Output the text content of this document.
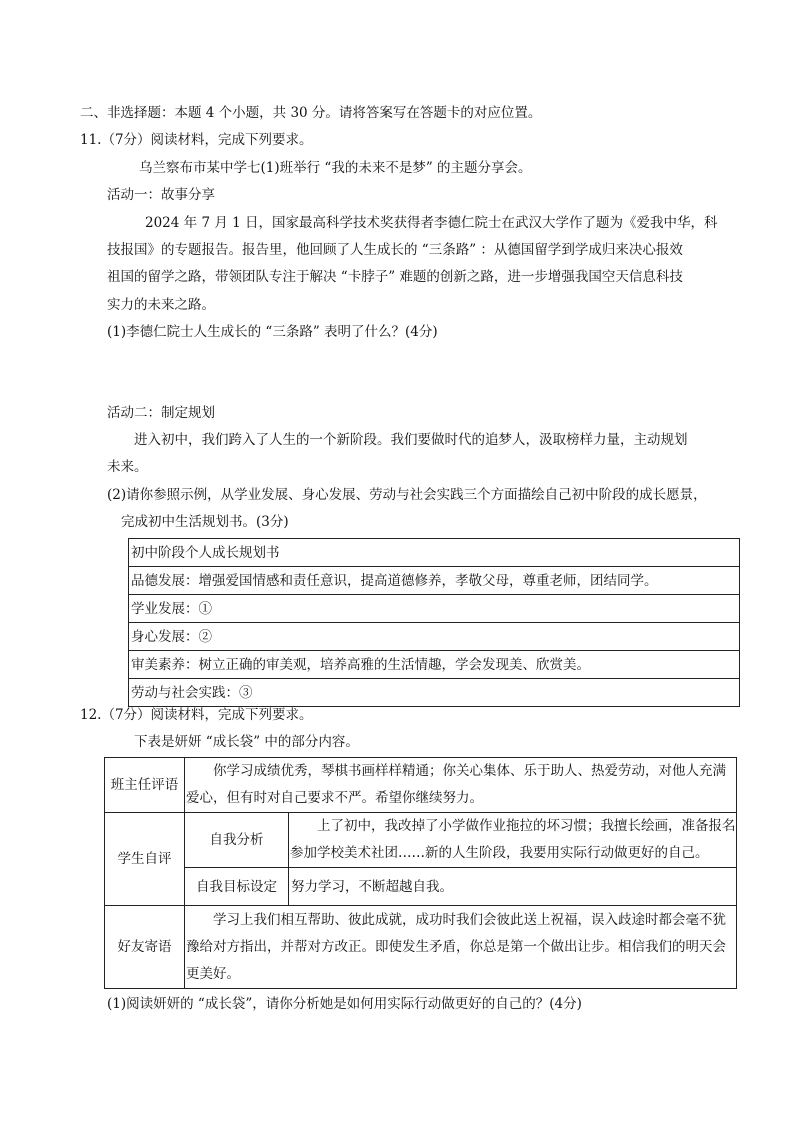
二、非选择题：本题 4 个小题，共 30 分。请将答案写在答题卡的对应位置。
11.（7分）阅读材料，完成下列要求。
乌兰察布市某中学七(1)班举行 “我的未来不是梦” 的主题分享会。
活动一：故事分享
2024 年 7 月 1 日，国家最高科学技术奖获得者李德仁院士在武汉大学作了题为《爱我中华，科
技报国》的专题报告。报告里，他回顾了人生成长的 “三条路” ：从德国留学到学成归来决心报效
祖国的留学之路，带领团队专注于解决 “卡脖子” 难题的创新之路，进一步增强我国空天信息科技
实力的未来之路。
(1)李德仁院士人生成长的 “三条路” 表明了什么？(4分)
活动二：制定规划
进入初中，我们跨入了人生的一个新阶段。我们要做时代的追梦人，汲取榜样力量，主动规划
未来。
(2)请你参照示例，从学业发展、身心发展、劳动与社会实践三个方面描绘自己初中阶段的成长愿景，
完成初中生活规划书。(3分)
初中阶段个人成长规划书
品德发展：增强爱国情感和责任意识，提高道德修养，孝敬父母，尊重老师，团结同学。
学业发展：①
身心发展：②
审美素养：树立正确的审美观，培养高雅的生活情趣，学会发现美、欣赏美。
劳动与社会实践：③
12.（7分）阅读材料，完成下列要求。
下表是妍妍 “成长袋” 中的部分内容。
班主任评语	你学习成绩优秀，琴棋书画样样精通；你关心集体、乐于助人、热爱劳动，对他人充满爱心，但有时对自己要求不严。希望你继续努力。	

学生自评	自我分析	上了初中，我改掉了小学做作业拖拉的坏习惯；我擅长绘画，准备报名参加学校美术社团……新的人生阶段，我要用实际行动做更好的自己。

	自我目标设定	努力学习，不断超越自我。
好友寄语	学习上我们相互帮助、彼此成就，成功时我们会彼此送上祝福，误入歧途时都会毫不犹豫给对方指出，并帮对方改正。即使发生矛盾，你总是第一个做出让步。相信我们的明天会更美好。	
(1)阅读妍妍的 “成长袋”，请你分析她是如何用实际行动做更好的自己的？(4分)
